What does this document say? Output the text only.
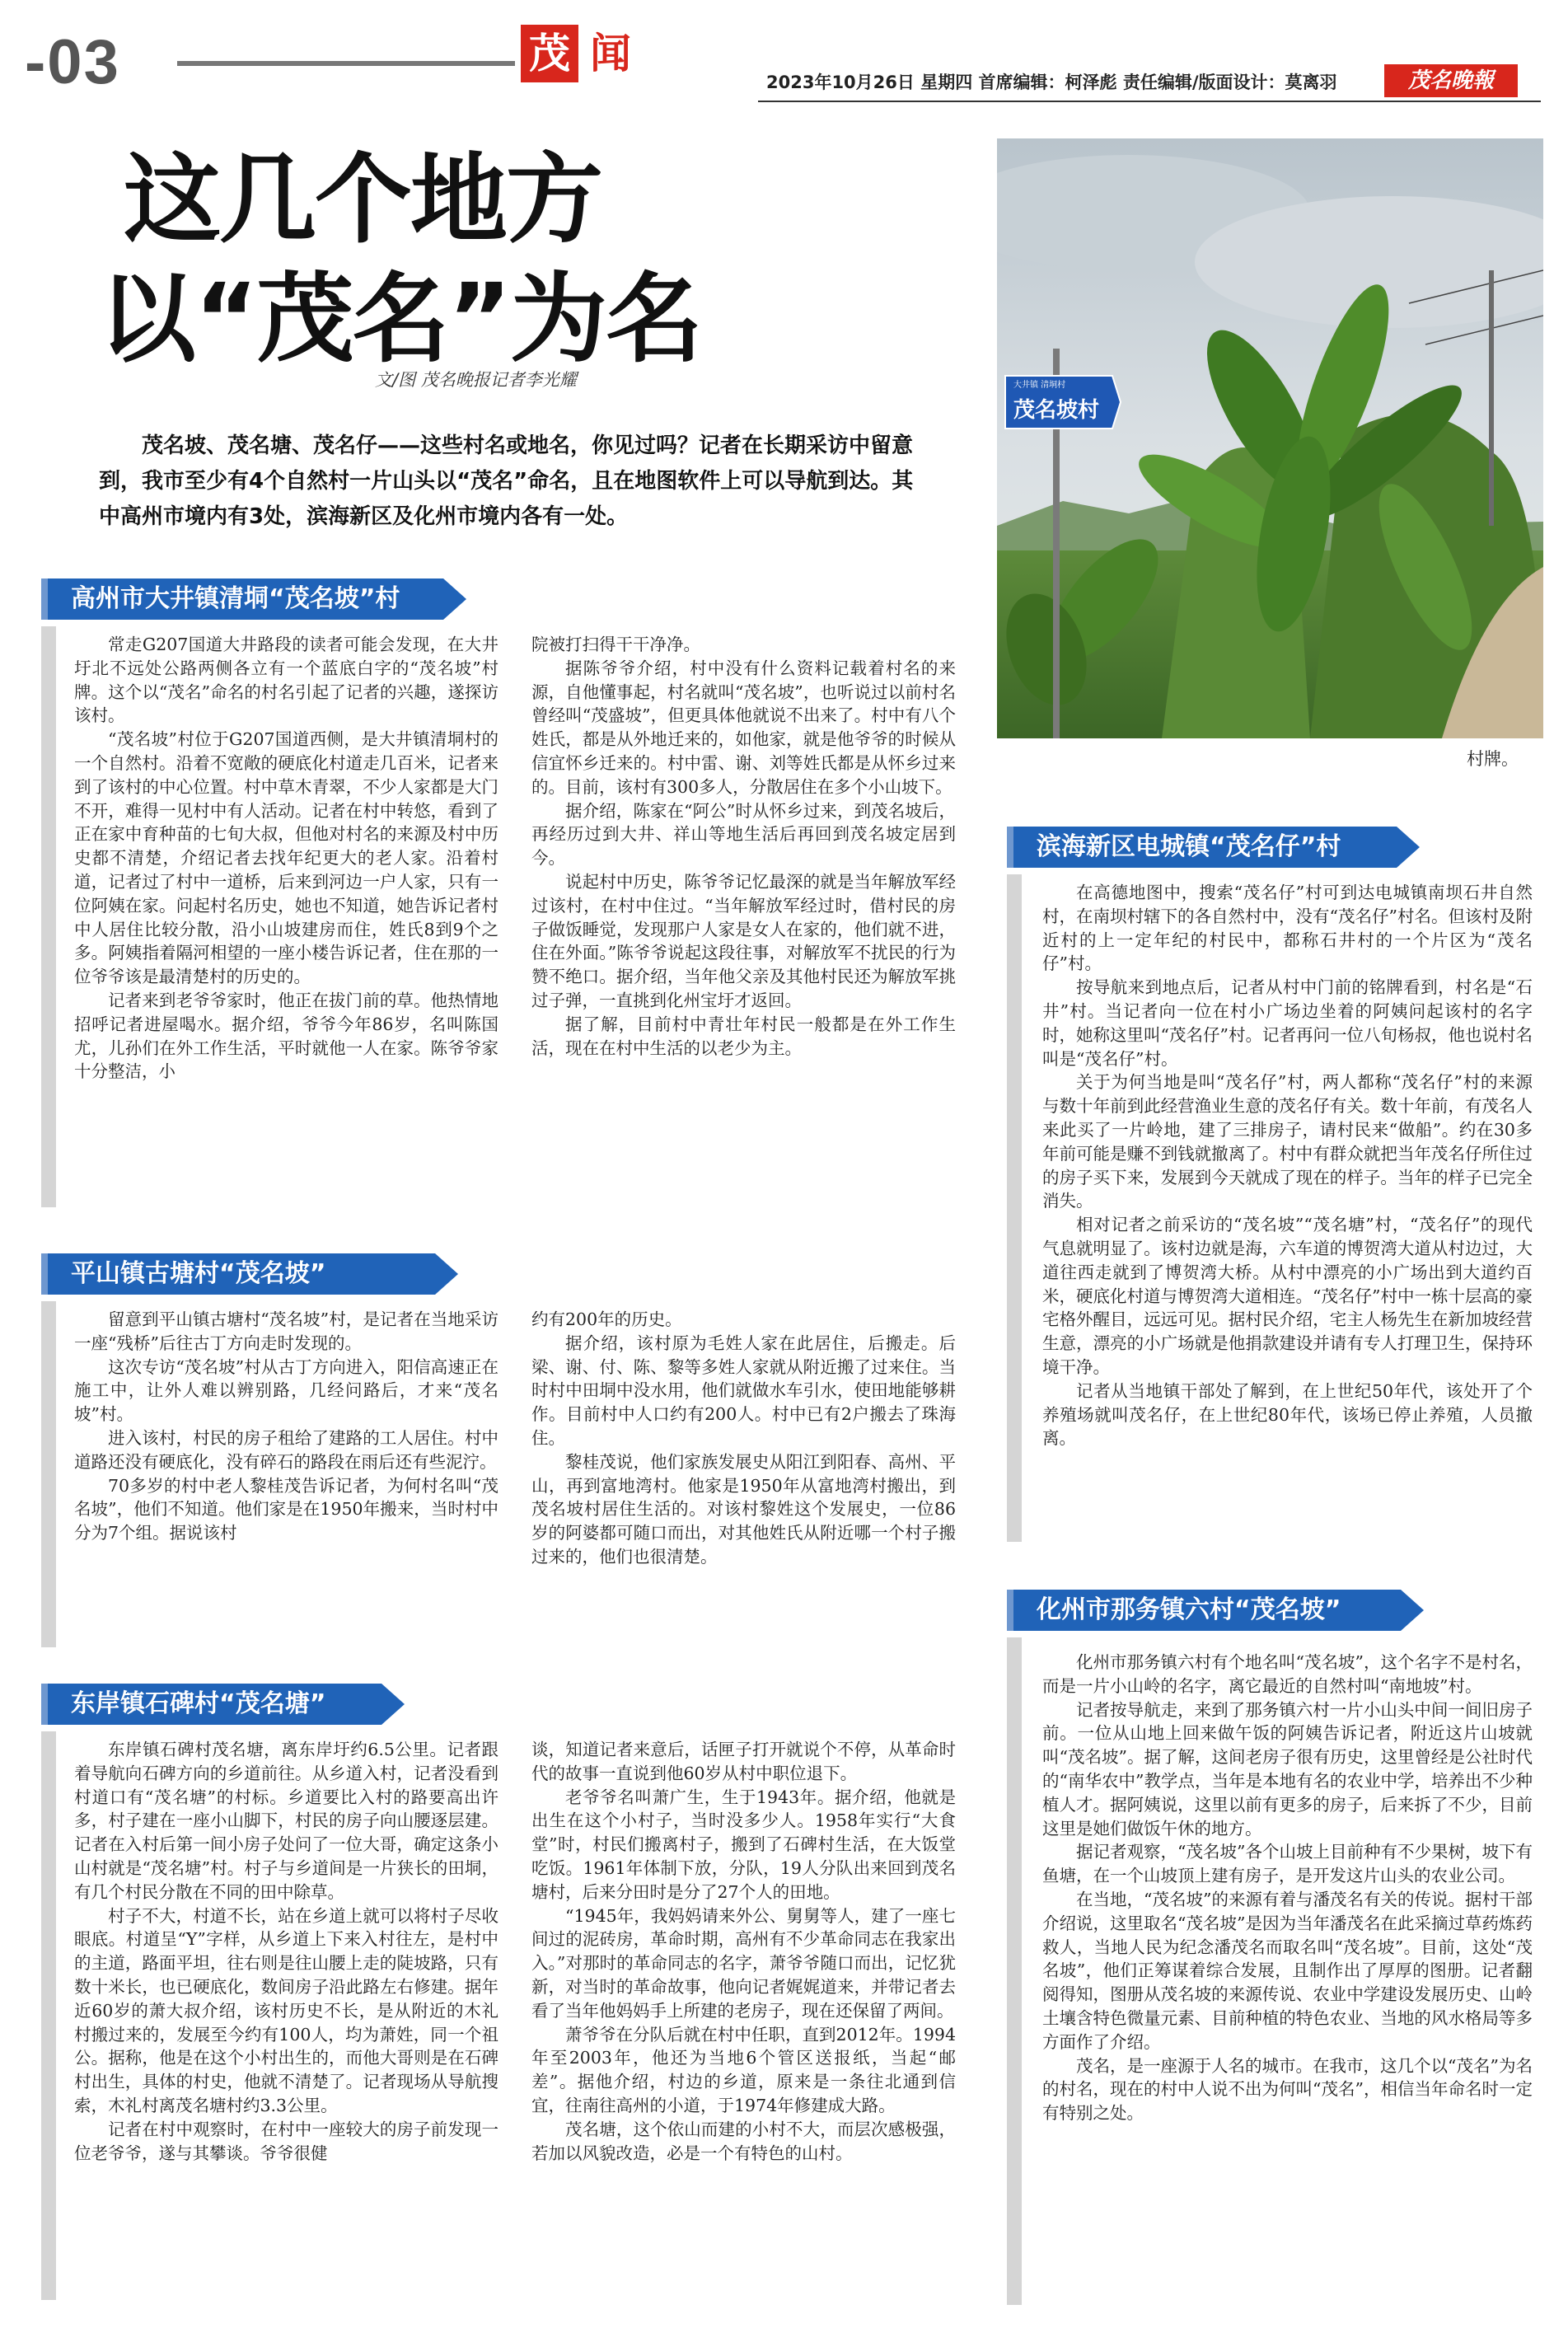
-03	茂 闻
2023年10月26日 星期四 首席编辑：柯泽彪 责任编辑/版面设计：莫离羽	茂名晚報
这几个地方
以“茂名”为名
文/图 茂名晚报记者李光耀
茂名坡、茂名塘、茂名仔——这些村名或地名，你见过吗？记者在长期采访中留意到，我市至少有4个自然村一片山头以“茂名”命名，且在地图软件上可以导航到达。其中高州市境内有3处，滨海新区及化州市境内各有一处。
大井镇 清垌村
茂名坡村
村牌。
高州市大井镇清垌“茂名坡”村

常走G207国道大井路段的读者可能会发现，在大井圩北不远处公路两侧各立有一个蓝底白字的“茂名坡”村牌。这个以“茂名”命名的村名引起了记者的兴趣，遂探访该村。

“茂名坡”村位于G207国道西侧，是大井镇清垌村的一个自然村。沿着不宽敞的硬底化村道走几百米，记者来到了该村的中心位置。村中草木青翠，不少人家都是大门不开，难得一见村中有人活动。记者在村中转悠，看到了正在家中育种苗的七旬大叔，但他对村名的来源及村中历史都不清楚，介绍记者去找年纪更大的老人家。沿着村道，记者过了村中一道桥，后来到河边一户人家，只有一位阿姨在家。问起村名历史，她也不知道，她告诉记者村中人居住比较分散，沿小山坡建房而住，姓氏8到9个之多。阿姨指着隔河相望的一座小楼告诉记者，住在那的一位爷爷该是最清楚村的历史的。

记者来到老爷爷家时，他正在拔门前的草。他热情地招呼记者进屋喝水。据介绍，爷爷今年86岁，名叫陈国尤，儿孙们在外工作生活，平时就他一人在家。陈爷爷家十分整洁，小

院被打扫得干干净净。

据陈爷爷介绍，村中没有什么资料记载着村名的来源，自他懂事起，村名就叫“茂名坡”，也听说过以前村名曾经叫“茂盛坡”，但更具体他就说不出来了。村中有八个姓氏，都是从外地迁来的，如他家，就是他爷爷的时候从信宜怀乡迁来的。村中雷、谢、刘等姓氏都是从怀乡过来的。目前，该村有300多人，分散居住在多个小山坡下。

据介绍，陈家在“阿公”时从怀乡过来，到茂名坡后，再经历过到大井、祥山等地生活后再回到茂名坡定居到今。

说起村中历史，陈爷爷记忆最深的就是当年解放军经过该村，在村中住过。“当年解放军经过时，借村民的房子做饭睡觉，发现那户人家是女人在家的，他们就不进，住在外面。”陈爷爷说起这段往事，对解放军不扰民的行为赞不绝口。据介绍，当年他父亲及其他村民还为解放军挑过子弹，一直挑到化州宝圩才返回。

据了解，目前村中青壮年村民一般都是在外工作生活，现在在村中生活的以老少为主。

平山镇古塘村“茂名坡”

留意到平山镇古塘村“茂名坡”村，是记者在当地采访一座“残桥”后往古丁方向走时发现的。

这次专访“茂名坡”村从古丁方向进入，阳信高速正在施工中，让外人难以辨别路，几经问路后，才来“茂名坡”村。

进入该村，村民的房子租给了建路的工人居住。村中道路还没有硬底化，没有碎石的路段在雨后还有些泥泞。

70多岁的村中老人黎桂茂告诉记者，为何村名叫“茂名坡”，他们不知道。他们家是在1950年搬来，当时村中分为7个组。据说该村

约有200年的历史。

据介绍，该村原为毛姓人家在此居住，后搬走。后梁、谢、付、陈、黎等多姓人家就从附近搬了过来住。当时村中田垌中没水用，他们就做水车引水，使田地能够耕作。目前村中人口约有200人。村中已有2户搬去了珠海住。

黎桂茂说，他们家族发展史从阳江到阳春、高州、平山，再到富地湾村。他家是1950年从富地湾村搬出，到茂名坡村居住生活的。对该村黎姓这个发展史，一位86岁的阿婆都可随口而出，对其他姓氏从附近哪一个村子搬过来的，他们也很清楚。

东岸镇石碑村“茂名塘”

东岸镇石碑村茂名塘，离东岸圩约6.5公里。记者跟着导航向石碑方向的乡道前往。从乡道入村，记者没看到村道口有“茂名塘”的村标。乡道要比入村的路要高出许多，村子建在一座小山脚下，村民的房子向山腰逐层建。记者在入村后第一间小房子处问了一位大哥，确定这条小山村就是“茂名塘”村。村子与乡道间是一片狭长的田垌，有几个村民分散在不同的田中除草。

村子不大，村道不长，站在乡道上就可以将村子尽收眼底。村道呈“Y”字样，从乡道上下来入村往左，是村中的主道，路面平坦，往右则是往山腰上走的陡坡路，只有数十米长，也已硬底化，数间房子沿此路左右修建。据年近60岁的萧大叔介绍，该村历史不长，是从附近的木礼村搬过来的，发展至今约有100人，均为萧姓，同一个祖公。据称，他是在这个小村出生的，而他大哥则是在石碑村出生，具体的村史，他就不清楚了。记者现场从导航搜索，木礼村离茂名塘村约3.3公里。

记者在村中观察时，在村中一座较大的房子前发现一位老爷爷，遂与其攀谈。爷爷很健

谈，知道记者来意后，话匣子打开就说个不停，从革命时代的故事一直说到他60岁从村中职位退下。

老爷爷名叫萧广生，生于1943年。据介绍，他就是出生在这个小村子，当时没多少人。1958年实行“大食堂”时，村民们搬离村子，搬到了石碑村生活，在大饭堂吃饭。1961年体制下放，分队，19人分队出来回到茂名塘村，后来分田时是分了27个人的田地。

“1945年，我妈妈请来外公、舅舅等人，建了一座七间过的泥砖房，革命时期，高州有不少革命同志在我家出入。”对那时的革命同志的名字，萧爷爷随口而出，记忆犹新，对当时的革命故事，他向记者娓娓道来，并带记者去看了当年他妈妈手上所建的老房子，现在还保留了两间。

萧爷爷在分队后就在村中任职，直到2012年。1994年至2003年，他还为当地6个管区送报纸，当起“邮差”。据他介绍，村边的乡道，原来是一条往北通到信宜，往南往高州的小道，于1974年修建成大路。

茂名塘，这个依山而建的小村不大，而层次感极强，若加以风貌改造，必是一个有特色的山村。

滨海新区电城镇“茂名仔”村

在高德地图中，搜索“茂名仔”村可到达电城镇南坝石井自然村，在南坝村辖下的各自然村中，没有“茂名仔”村名。但该村及附近村的上一定年纪的村民中，都称石井村的一个片区为“茂名仔”村。

按导航来到地点后，记者从村中门前的铭牌看到，村名是“石井”村。当记者向一位在村小广场边坐着的阿姨问起该村的名字时，她称这里叫“茂名仔”村。记者再问一位八旬杨叔，他也说村名叫是“茂名仔”村。

关于为何当地是叫“茂名仔”村，两人都称“茂名仔”村的来源与数十年前到此经营渔业生意的茂名仔有关。数十年前，有茂名人来此买了一片岭地，建了三排房子，请村民来“做船”。约在30多年前可能是赚不到钱就撤离了。村中有群众就把当年茂名仔所住过的房子买下来，发展到今天就成了现在的样子。当年的样子已完全消失。

相对记者之前采访的“茂名坡”“茂名塘”村，“茂名仔”的现代气息就明显了。该村边就是海，六车道的博贺湾大道从村边过，大道往西走就到了博贺湾大桥。从村中漂亮的小广场出到大道约百米，硬底化村道与博贺湾大道相连。“茂名仔”村中一栋十层高的豪宅格外醒目，远远可见。据村民介绍，宅主人杨先生在新加坡经营生意，漂亮的小广场就是他捐款建设并请有专人打理卫生，保持环境干净。

记者从当地镇干部处了解到，在上世纪50年代，该处开了个养殖场就叫茂名仔，在上世纪80年代，该场已停止养殖，人员撤离。

化州市那务镇六村“茂名坡”

化州市那务镇六村有个地名叫“茂名坡”，这个名字不是村名，而是一片小山岭的名字，离它最近的自然村叫“南地坡”村。

记者按导航走，来到了那务镇六村一片小山头中间一间旧房子前。一位从山地上回来做午饭的阿姨告诉记者，附近这片山坡就叫“茂名坡”。据了解，这间老房子很有历史，这里曾经是公社时代的“南华农中”教学点，当年是本地有名的农业中学，培养出不少种植人才。据阿姨说，这里以前有更多的房子，后来拆了不少，目前这里是她们做饭午休的地方。

据记者观察，“茂名坡”各个山坡上目前种有不少果树，坡下有鱼塘，在一个山坡顶上建有房子，是开发这片山头的农业公司。

在当地，“茂名坡”的来源有着与潘茂名有关的传说。据村干部介绍说，这里取名“茂名坡”是因为当年潘茂名在此采摘过草药炼药救人，当地人民为纪念潘茂名而取名叫“茂名坡”。目前，这处“茂名坡”，他们正筹谋着综合发展，且制作出了厚厚的图册。记者翻阅得知，图册从茂名坡的来源传说、农业中学建设发展历史、山岭土壤含特色微量元素、目前种植的特色农业、当地的风水格局等多方面作了介绍。

茂名，是一座源于人名的城市。在我市，这几个以“茂名”为名的村名，现在的村中人说不出为何叫“茂名”，相信当年命名时一定有特别之处。
